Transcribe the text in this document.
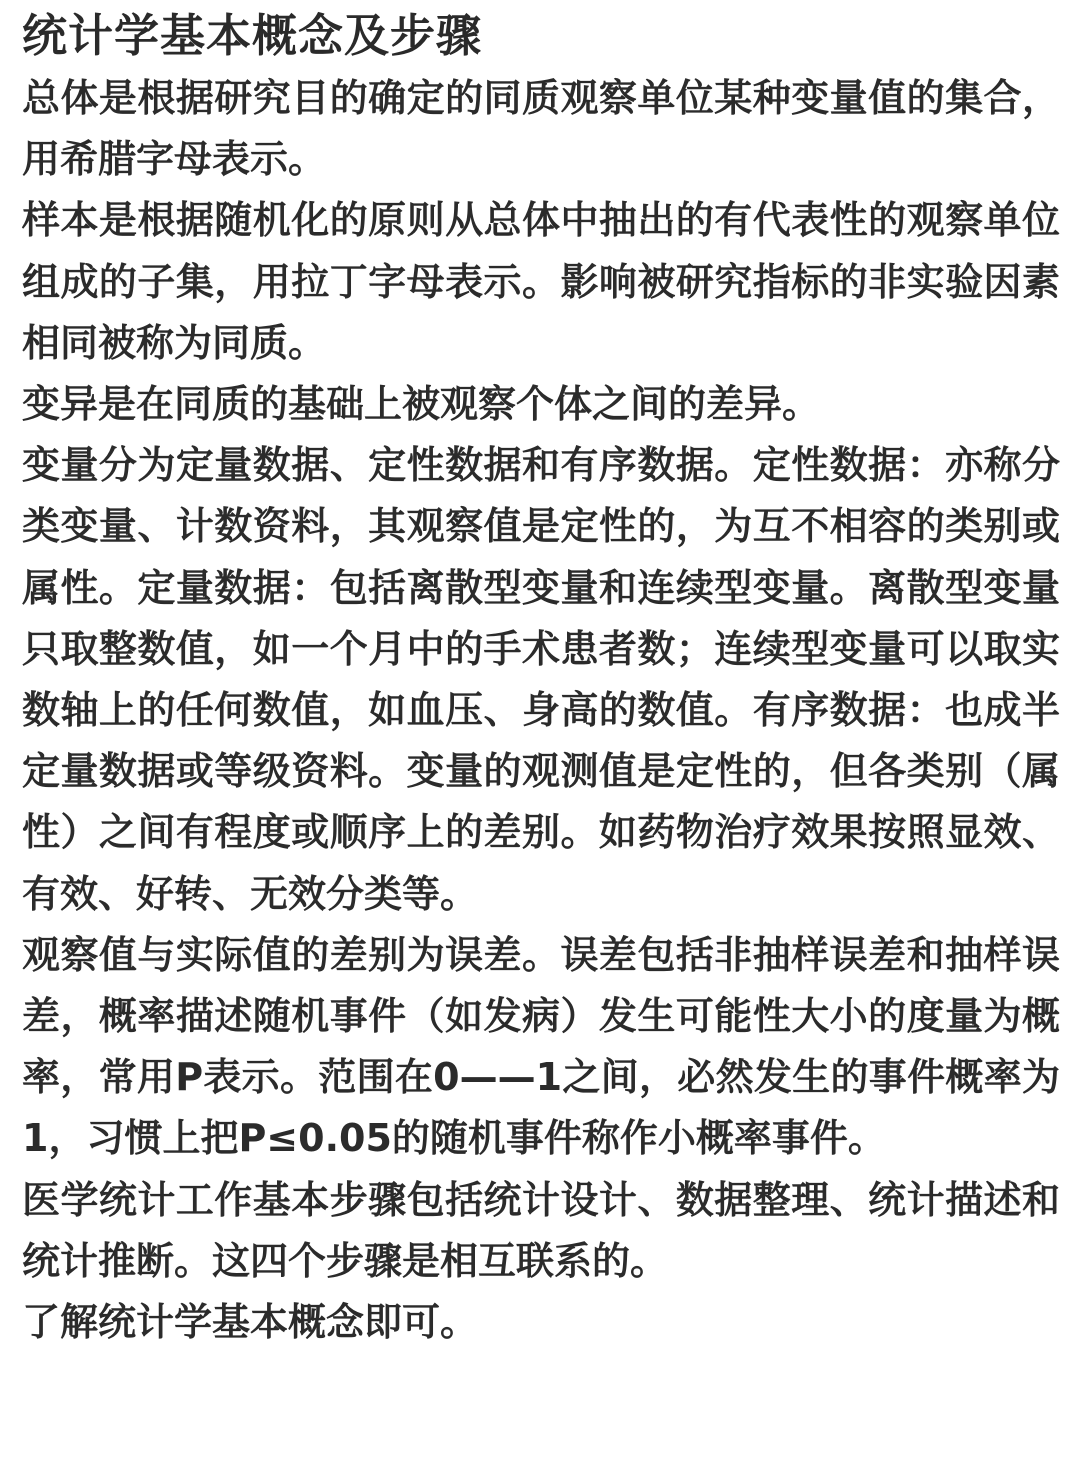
统计学基本概念及步骤

总体是根据研究目的确定的同质观察单位某种变量值的集合，用希腊字母表示。

样本是根据随机化的原则从总体中抽出的有代表性的观察单位组成的子集，用拉丁字母表示。影响被研究指标的非实验因素相同被称为同质。

变异是在同质的基础上被观察个体之间的差异。

变量分为定量数据、定性数据和有序数据。定性数据：亦称分类变量、计数资料，其观察值是定性的，为互不相容的类别或属性。定量数据：包括离散型变量和连续型变量。离散型变量只取整数值，如一个月中的手术患者数；连续型变量可以取实数轴上的任何数值，如血压、身高的数值。有序数据：也成半定量数据或等级资料。变量的观测值是定性的，但各类别（属性）之间有程度或顺序上的差别。如药物治疗效果按照显效、有效、好转、无效分类等。

观察值与实际值的差别为误差。误差包括非抽样误差和抽样误差，概率描述随机事件（如发病）发生可能性大小的度量为概率，常用P表示。范围在0——1之间，必然发生的事件概率为1，习惯上把P≤0.05的随机事件称作小概率事件。

医学统计工作基本步骤包括统计设计、数据整理、统计描述和统计推断。这四个步骤是相互联系的。

了解统计学基本概念即可。
